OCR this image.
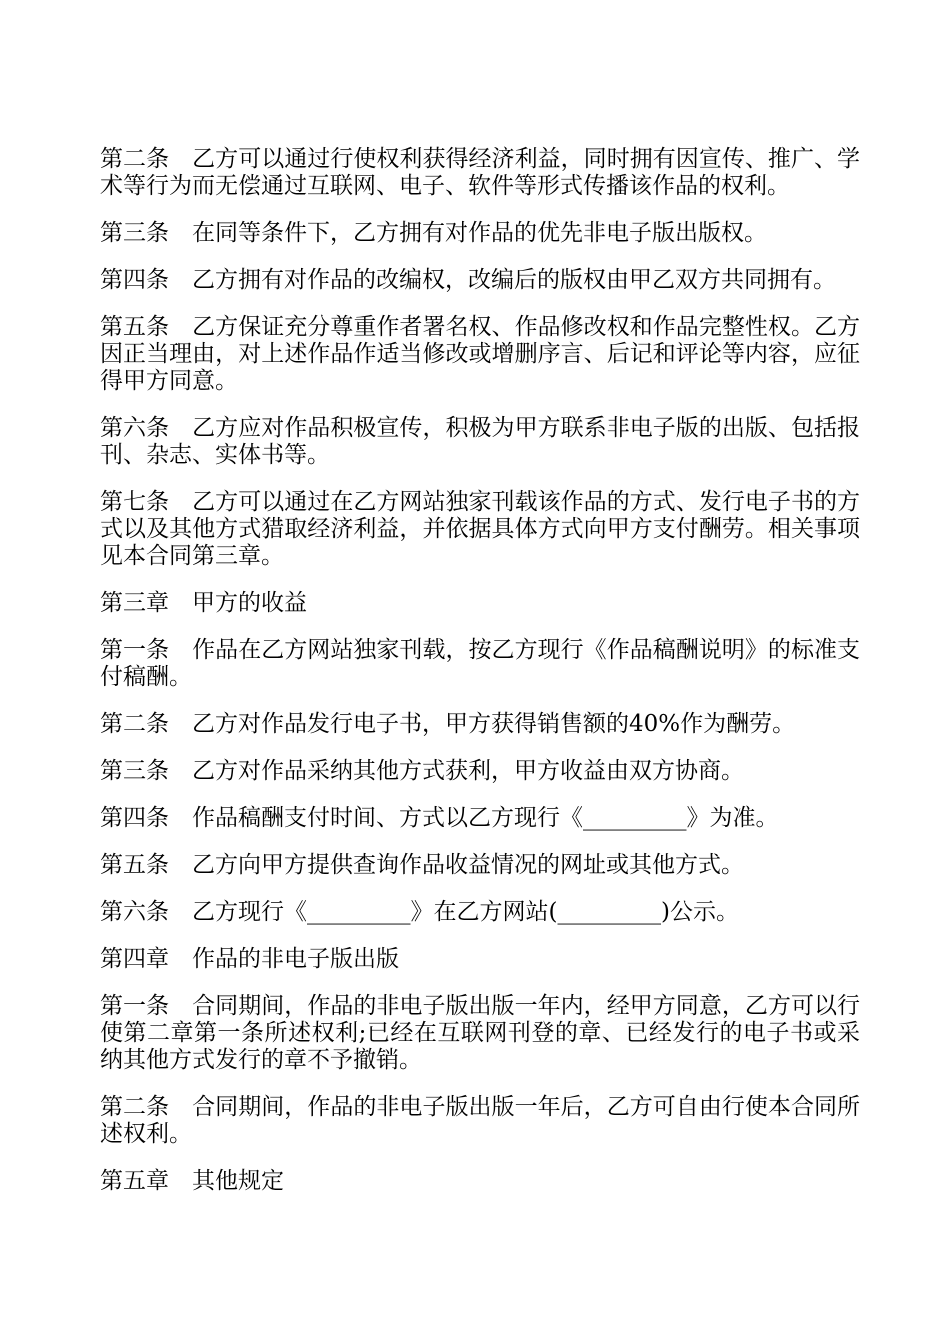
第二条　乙方可以通过行使权利获得经济利益，同时拥有因宣传、推广、学术等行为而无偿通过互联网、电子、软件等形式传播该作品的权利。

第三条　在同等条件下，乙方拥有对作品的优先非电子版出版权。

第四条　乙方拥有对作品的改编权，改编后的版权由甲乙双方共同拥有。

第五条　乙方保证充分尊重作者署名权、作品修改权和作品完整性权。乙方因正当理由，对上述作品作适当修改或增删序言、后记和评论等内容，应征得甲方同意。

第六条　乙方应对作品积极宣传，积极为甲方联系非电子版的出版、包括报刊、杂志、实体书等。

第七条　乙方可以通过在乙方网站独家刊载该作品的方式、发行电子书的方式以及其他方式猎取经济利益，并依据具体方式向甲方支付酬劳。相关事项见本合同第三章。

第三章　甲方的收益

第一条　作品在乙方网站独家刊载，按乙方现行《作品稿酬说明》的标准支付稿酬。

第二条　乙方对作品发行电子书，甲方获得销售额的40%作为酬劳。

第三条　乙方对作品采纳其他方式获利，甲方收益由双方协商。

第四条　作品稿酬支付时间、方式以乙方现行《_________》为准。

第五条　乙方向甲方提供查询作品收益情况的网址或其他方式。

第六条　乙方现行《_________》在乙方网站(_________)公示。

第四章　作品的非电子版出版

第一条　合同期间，作品的非电子版出版一年内，经甲方同意，乙方可以行使第二章第一条所述权利;已经在互联网刊登的章、已经发行的电子书或采纳其他方式发行的章不予撤销。

第二条　合同期间，作品的非电子版出版一年后，乙方可自由行使本合同所述权利。

第五章　其他规定
